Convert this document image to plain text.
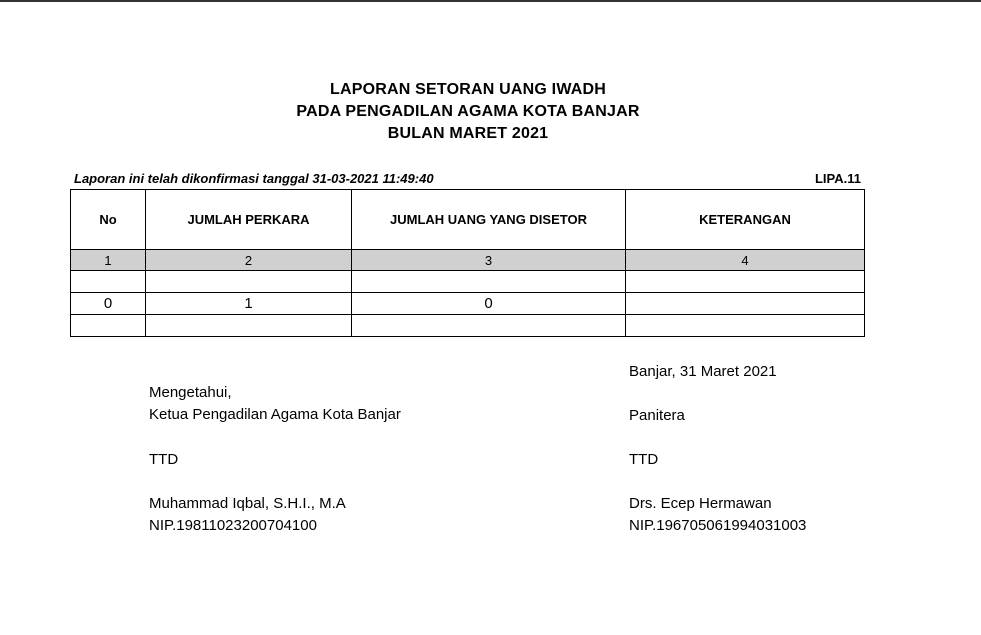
LAPORAN SETORAN UANG IWADH
PADA PENGADILAN AGAMA KOTA BANJAR
BULAN MARET 2021
Laporan ini telah dikonfirmasi tanggal 31-03-2021 11:49:40	LIPA.11
No	JUMLAH PERKARA	JUMLAH UANG YANG DISETOR	KETERANGAN
1	2	3	4

0	1	0	

Mengetahui,
Ketua Pengadilan Agama Kota Banjar
TTD
Muhammad Iqbal, S.H.I., M.A
NIP.19811023200704100
Banjar, 31 Maret 2021
Panitera
TTD
Drs. Ecep Hermawan
NIP.196705061994031003
